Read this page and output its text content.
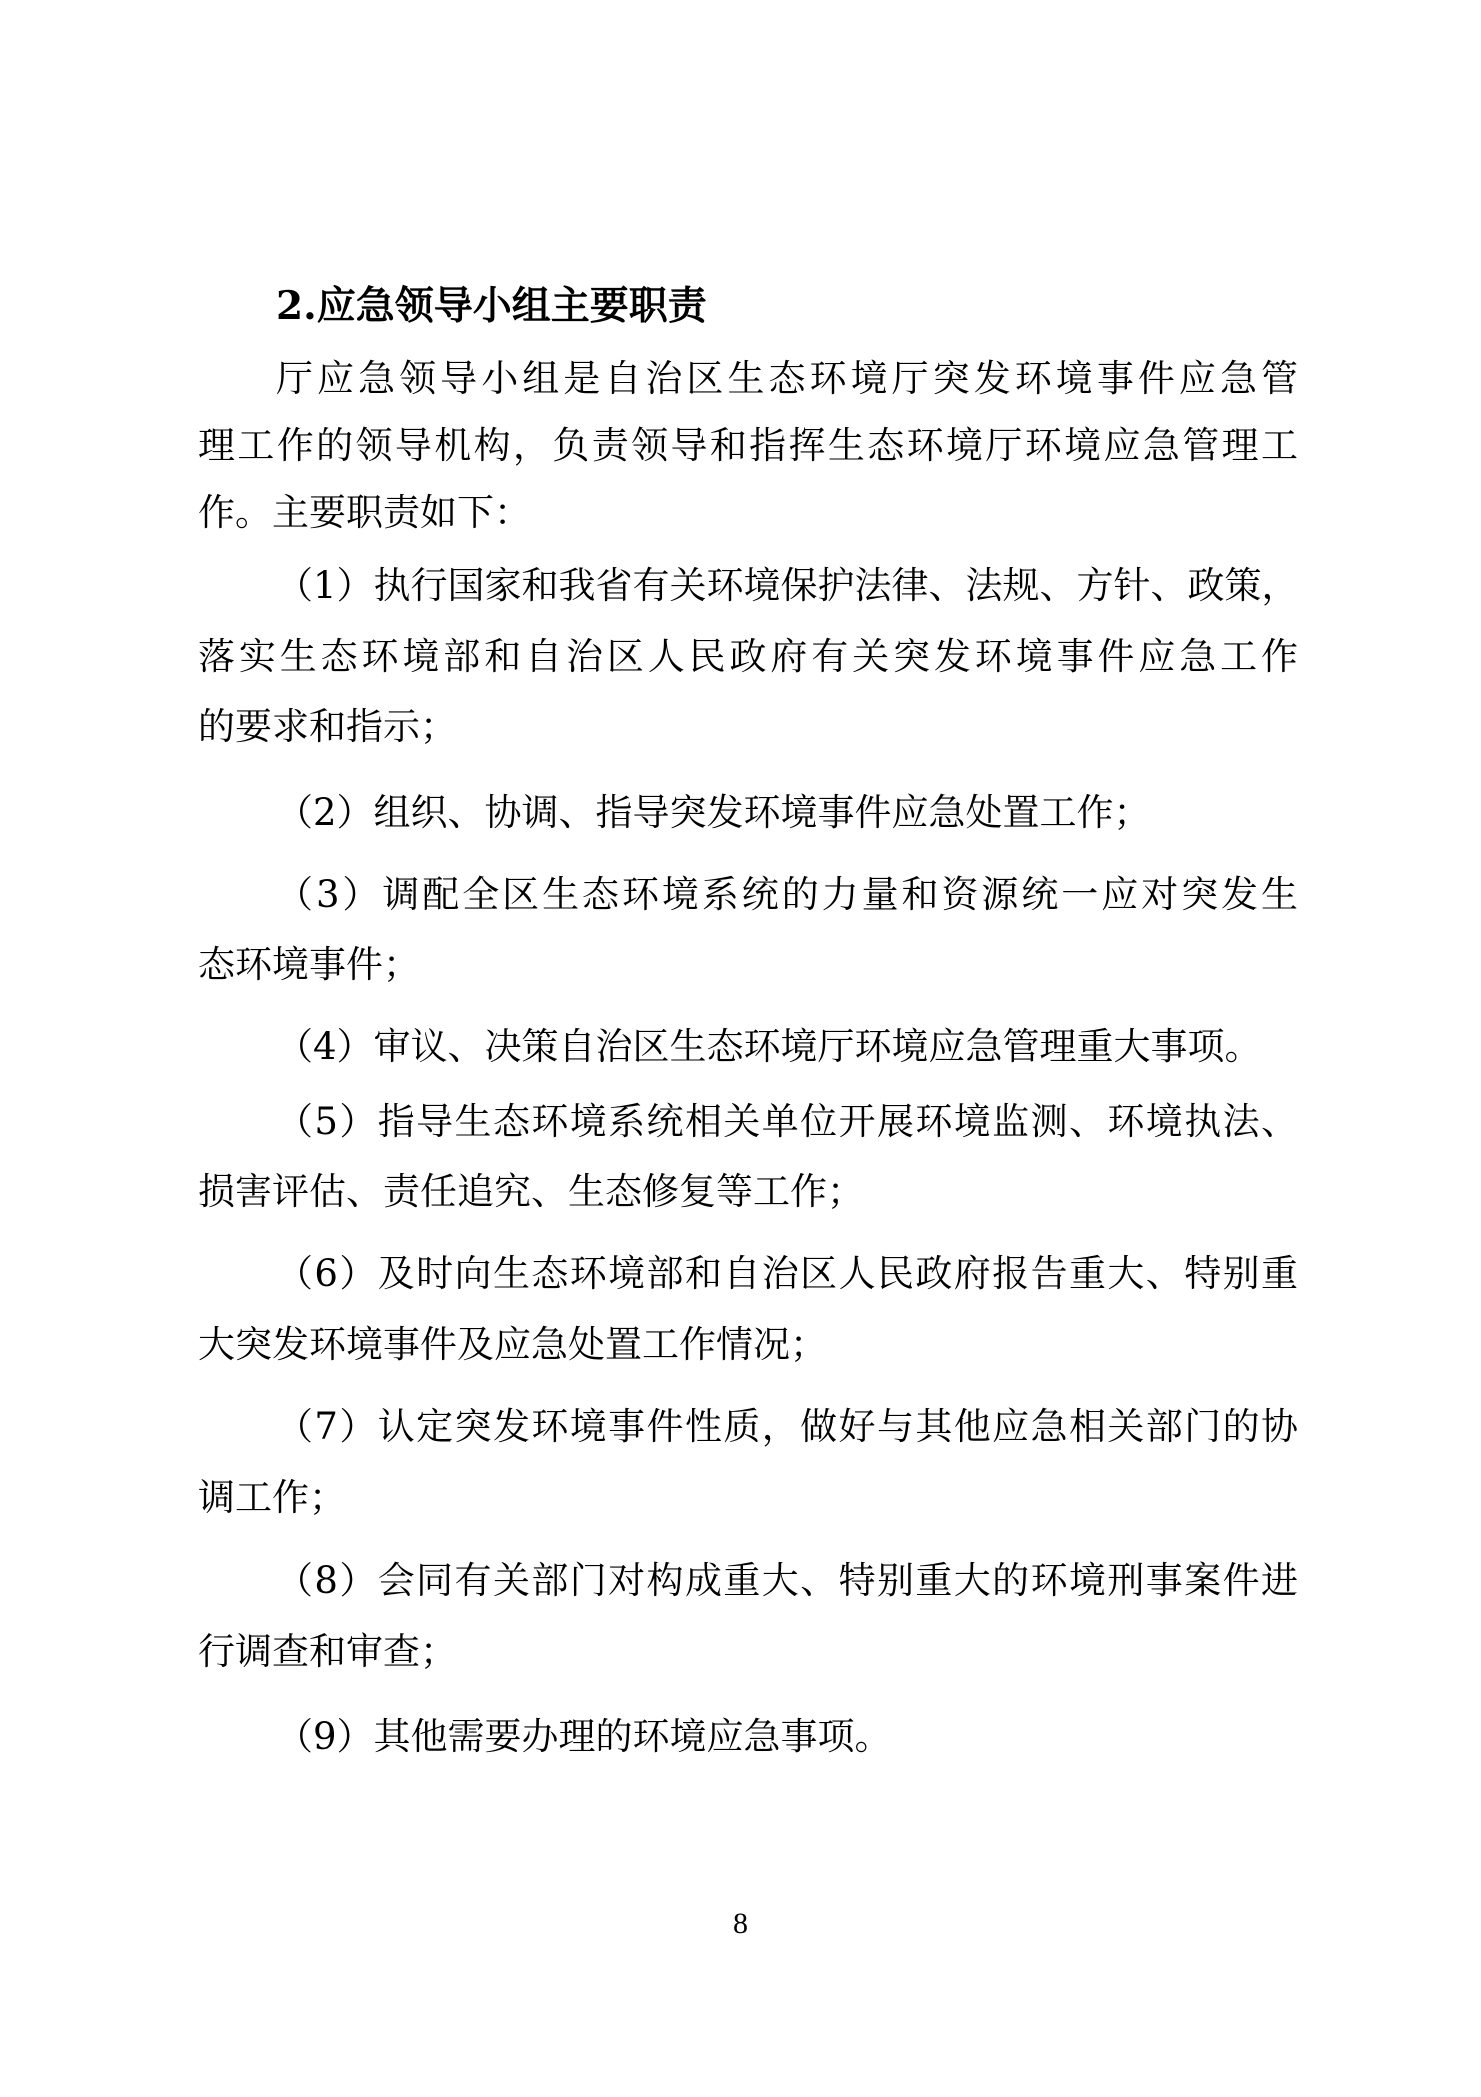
2.应急领导小组主要职责
厅应急领导小组是自治区生态环境厅突发环境事件应急管
理工作的领导机构，负责领导和指挥生态环境厅环境应急管理工
作。主要职责如下：
（1）执行国家和我省有关环境保护法律、法规、方针、政策，
落实生态环境部和自治区人民政府有关突发环境事件应急工作
的要求和指示；
（2）组织、协调、指导突发环境事件应急处置工作；
（3）调配全区生态环境系统的力量和资源统一应对突发生
态环境事件；
（4）审议、决策自治区生态环境厅环境应急管理重大事项。
（5）指导生态环境系统相关单位开展环境监测、环境执法、
损害评估、责任追究、生态修复等工作；
（6）及时向生态环境部和自治区人民政府报告重大、特别重
大突发环境事件及应急处置工作情况；
（7）认定突发环境事件性质，做好与其他应急相关部门的协
调工作；
（8）会同有关部门对构成重大、特别重大的环境刑事案件进
行调查和审查；
（9）其他需要办理的环境应急事项。
8
